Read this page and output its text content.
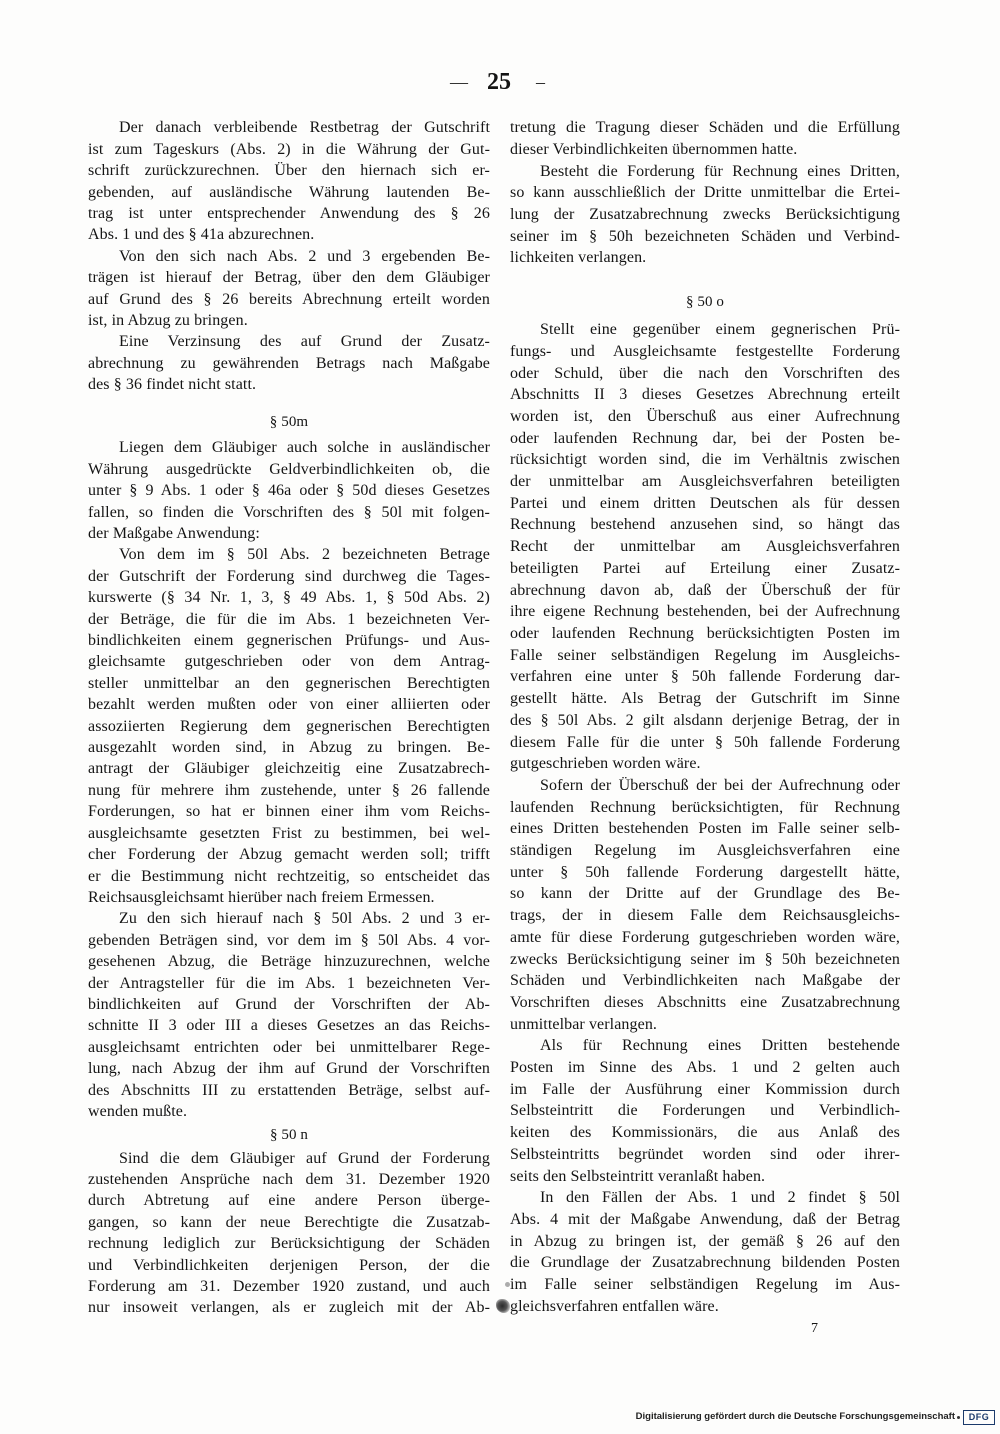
— 25 –
Der danach verbleibende Restbetrag der Gutschrift
ist zum Tageskurs (Abs. 2) in die Währung der Gut-
schrift zurückzurechnen. Über den hiernach sich er-
gebenden, auf ausländische Währung lautenden Be-
trag ist unter entsprechender Anwendung des § 26
Abs. 1 und des § 41a abzurechnen.
Von den sich nach Abs. 2 und 3 ergebenden Be-
trägen ist hierauf der Betrag, über den dem Gläubiger
auf Grund des § 26 bereits Abrechnung erteilt worden
ist, in Abzug zu bringen.
Eine Verzinsung des auf Grund der Zusatz-
abrechnung zu gewährenden Betrags nach Maßgabe
des § 36 findet nicht statt.
§ 50m
Liegen dem Gläubiger auch solche in ausländischer
Währung ausgedrückte Geldverbindlichkeiten ob, die
unter § 9 Abs. 1 oder § 46a oder § 50d dieses Gesetzes
fallen, so finden die Vorschriften des § 50l mit folgen-
der Maßgabe Anwendung:
Von dem im § 50l Abs. 2 bezeichneten Betrage
der Gutschrift der Forderung sind durchweg die Tages-
kurswerte (§ 34 Nr. 1, 3, § 49 Abs. 1, § 50d Abs. 2)
der Beträge, die für die im Abs. 1 bezeichneten Ver-
bindlichkeiten einem gegnerischen Prüfungs- und Aus-
gleichsamte gutgeschrieben oder von dem Antrag-
steller unmittelbar an den gegnerischen Berechtigten
bezahlt werden mußten oder von einer alliierten oder
assoziierten Regierung dem gegnerischen Berechtigten
ausgezahlt worden sind, in Abzug zu bringen. Be-
antragt der Gläubiger gleichzeitig eine Zusatzabrech-
nung für mehrere ihm zustehende, unter § 26 fallende
Forderungen, so hat er binnen einer ihm vom Reichs-
ausgleichsamte gesetzten Frist zu bestimmen, bei wel-
cher Forderung der Abzug gemacht werden soll; trifft
er die Bestimmung nicht rechtzeitig, so entscheidet das
Reichsausgleichsamt hierüber nach freiem Ermessen.
Zu den sich hierauf nach § 50l Abs. 2 und 3 er-
gebenden Beträgen sind, vor dem im § 50l Abs. 4 vor-
gesehenen Abzug, die Beträge hinzuzurechnen, welche
der Antragsteller für die im Abs. 1 bezeichneten Ver-
bindlichkeiten auf Grund der Vorschriften der Ab-
schnitte II 3 oder III a dieses Gesetzes an das Reichs-
ausgleichsamt entrichten oder bei unmittelbarer Rege-
lung, nach Abzug der ihm auf Grund der Vorschriften
des Abschnitts III zu erstattenden Beträge, selbst auf-
wenden mußte.
§ 50 n
Sind die dem Gläubiger auf Grund der Forderung
zustehenden Ansprüche nach dem 31. Dezember 1920
durch Abtretung auf eine andere Person überge-
gangen, so kann der neue Berechtigte die Zusatzab-
rechnung lediglich zur Berücksichtigung der Schäden
und Verbindlichkeiten derjenigen Person, der die
Forderung am 31. Dezember 1920 zustand, und auch
nur insoweit verlangen, als er zugleich mit der Ab-
tretung die Tragung dieser Schäden und die Erfüllung
dieser Verbindlichkeiten übernommen hatte.
Besteht die Forderung für Rechnung eines Dritten,
so kann ausschließlich der Dritte unmittelbar die Ertei-
lung der Zusatzabrechnung zwecks Berücksichtigung
seiner im § 50h bezeichneten Schäden und Verbind-
lichkeiten verlangen.
§ 50 o
Stellt eine gegenüber einem gegnerischen Prü-
fungs- und Ausgleichsamte festgestellte Forderung
oder Schuld, über die nach den Vorschriften des
Abschnitts II 3 dieses Gesetzes Abrechnung erteilt
worden ist, den Überschuß aus einer Aufrechnung
oder laufenden Rechnung dar, bei der Posten be-
rücksichtigt worden sind, die im Verhältnis zwischen
der unmittelbar am Ausgleichsverfahren beteiligten
Partei und einem dritten Deutschen als für dessen
Rechnung bestehend anzusehen sind, so hängt das
Recht der unmittelbar am Ausgleichsverfahren
beteiligten Partei auf Erteilung einer Zusatz-
abrechnung davon ab, daß der Überschuß der für
ihre eigene Rechnung bestehenden, bei der Aufrechnung
oder laufenden Rechnung berücksichtigten Posten im
Falle seiner selbständigen Regelung im Ausgleichs-
verfahren eine unter § 50h fallende Forderung dar-
gestellt hätte. Als Betrag der Gutschrift im Sinne
des § 50l Abs. 2 gilt alsdann derjenige Betrag, der in
diesem Falle für die unter § 50h fallende Forderung
gutgeschrieben worden wäre.
Sofern der Überschuß der bei der Aufrechnung oder
laufenden Rechnung berücksichtigten, für Rechnung
eines Dritten bestehenden Posten im Falle seiner selb-
ständigen Regelung im Ausgleichsverfahren eine
unter § 50h fallende Forderung dargestellt hätte,
so kann der Dritte auf der Grundlage des Be-
trags, der in diesem Falle dem Reichsausgleichs-
amte für diese Forderung gutgeschrieben worden wäre,
zwecks Berücksichtigung seiner im § 50h bezeichneten
Schäden und Verbindlichkeiten nach Maßgabe der
Vorschriften dieses Abschnitts eine Zusatzabrechnung
unmittelbar verlangen.
Als für Rechnung eines Dritten bestehende
Posten im Sinne des Abs. 1 und 2 gelten auch
im Falle der Ausführung einer Kommission durch
Selbsteintritt die Forderungen und Verbindlich-
keiten des Kommissionärs, die aus Anlaß des
Selbsteintritts begründet worden sind oder ihrer-
seits den Selbsteintritt veranlaßt haben.
In den Fällen der Abs. 1 und 2 findet § 50l
Abs. 4 mit der Maßgabe Anwendung, daß der Betrag
in Abzug zu bringen ist, der gemäß § 26 auf den
die Grundlage der Zusatzabrechnung bildenden Posten
im Falle seiner selbständigen Regelung im Aus-
gleichsverfahren entfallen wäre.
7
Digitalisierung gefördert durch die Deutsche Forschungsgemeinschaft	DFG
